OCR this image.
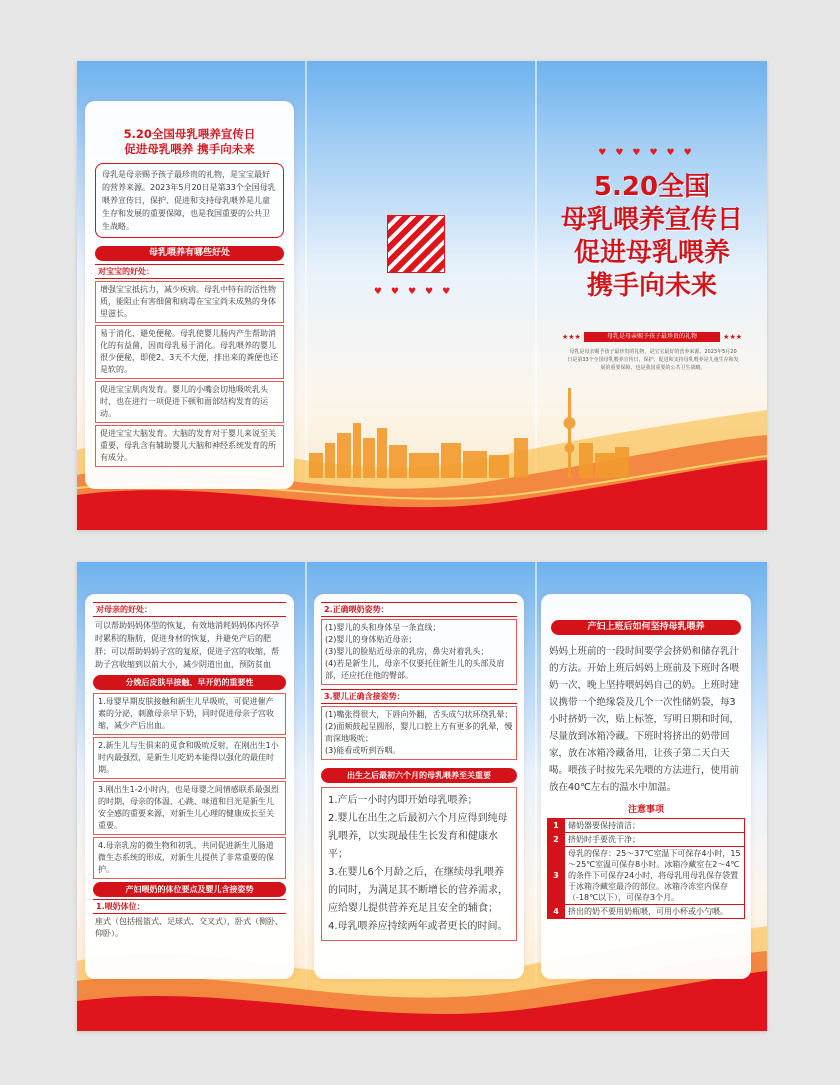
5.20全国母乳喂养宣传日
促进母乳喂养 携手向未来
母乳是母亲赐予孩子最珍贵的礼物，是宝宝最好的营养来源。2023年5月20日是第33个全国母乳喂养宣传日，保护、促进和支持母乳喂养是儿童生存和发展的重要保障，也是我国重要的公共卫生战略。
母乳喂养有哪些好处
对宝宝的好处：
增强宝宝抵抗力，减少疾病。母乳中特有的活性物质，能阻止有害细菌和病毒在宝宝尚未成熟的身体里滋长。
易于消化，避免便秘。母乳使婴儿肠内产生帮助消化的有益菌，因而母乳易于消化。母乳喂养的婴儿很少便秘，即使2、3天不大便，排出来的粪便也还是软的。
促进宝宝肌肉发育。婴儿的小嘴会切地吸吮乳头时，也在进行一项促进下顿和面部结构发育的运动。
促进宝宝大脑发育。大脑的发育对于婴儿来说至关重要，母乳含有辅助婴儿大脑和神经系统发育的所有成分。
♥♥♥♥♥
♥♥♥♥♥♥
5.20全国
母乳喂养宣传日
促进母乳喂养
携手向未来
★★★	母乳是母亲赐予孩子最珍贵的礼物	★★★
母乳是母亲赐予孩子最珍贵的礼物，是宝宝最好的营养来源。2023年5月20日是第33个全国母乳喂养宣传日，保护、促进和支持母乳喂养是儿童生存和发展的重要保障，也是我国重要的公共卫生战略。
对母亲的好处：
可以帮助妈妈体型的恢复，有效地消耗妈妈体内怀孕时累积的脂肪，促进身材的恢复，并避免产后的肥胖；可以帮助妈妈子宫的复原，促进子宫的收缩，帮助子宫收缩到以前大小，减少阴道出血，预防贫血
分娩后皮肤早接触、早开奶的重要性
1.母婴早期皮肤接触和新生儿早吸吮，可促进催产素的分泌，刺激母亲早下奶，同时促进母亲子宫收缩，减少产后出血。
2.新生儿与生俱来的觅食和吸吮反射，在刚出生1小时内最强烈，是新生儿吃奶本能得以强化的最佳时期。
3.刚出生1-2小时内，也是母婴之间情感联系最强烈的时期，母亲的体温、心跳、味道和目光是新生儿安全感的重要来源，对新生儿心理的健康成长至关重要。
4.母亲乳房的微生物和初乳，共同促进新生儿肠道微生态系统的形成，对新生儿提供了非常重要的保护。
产妇喂奶的体位要点及婴儿含接姿势
1.喂奶体位：
座式（包括摇篮式、足球式、交叉式），卧式（侧卧、仰卧）。
2.正确喂奶姿势：
(1)婴儿的头和身体呈一条直线；
(2)婴儿的身体贴近母亲；
(3)婴儿的脸贴近母亲的乳房，鼻尖对着乳头；
(4)若是新生儿，母亲不仅要托住新生儿的头部及肩部，还应托住他的臀部。
3.婴儿正确含接姿势：
(1)嘴张得很大，下唇向外翻，舌头成勺状环绕乳晕；
(2)面颊鼓起呈圆形，婴儿口腔上方有更多的乳晕，慢而深地吸吮；
(3)能看或听到吞咽。
出生之后最初六个月的母乳喂养至关重要
1.产后一小时内即开始母乳喂养；
2.婴儿在出生之后最初六个月应得到纯母乳喂养，以实现最佳生长发育和健康水平；
3.在婴儿6个月龄之后，在继续母乳喂养的同时，为满足其不断增长的营养需求，应给婴儿提供营养充足且安全的辅食；
4.母乳喂养应持续两年或者更长的时间。
产妇上班后如何坚持母乳喂养
妈妈上班前的一段时间要学会挤奶和储存乳汁的方法。开始上班后妈妈上班前及下班时各喂奶一次，晚上坚持喂妈妈自己的奶。上班时建议携带一个绝缘袋及几个一次性储奶袋，每3小时挤奶一次，贴上标签，写明日期和时间，尽量放到冰箱冷藏。下班时将挤出的奶带回家，放在冰箱冷藏备用，让孩子第二天白天喝。喂孩子时按先采先喂的方法进行，使用前放在40℃左右的温水中加温。
注意事项
1	储奶器要保持清洁；
2	挤奶时手要洗干净；
3	母乳的保存：25～37℃室温下可保存4小时，15～25℃室温可保存8小时。冰箱冷藏室在2～4℃的条件下可保存24小时，将母乳用母乳保存袋置于冰箱冷藏室最冷的部位。冰箱冷冻室内保存（-18℃以下），可保存3个月。
4	挤出的奶不要用奶瓶喂，可用小杯或小勺喂。
